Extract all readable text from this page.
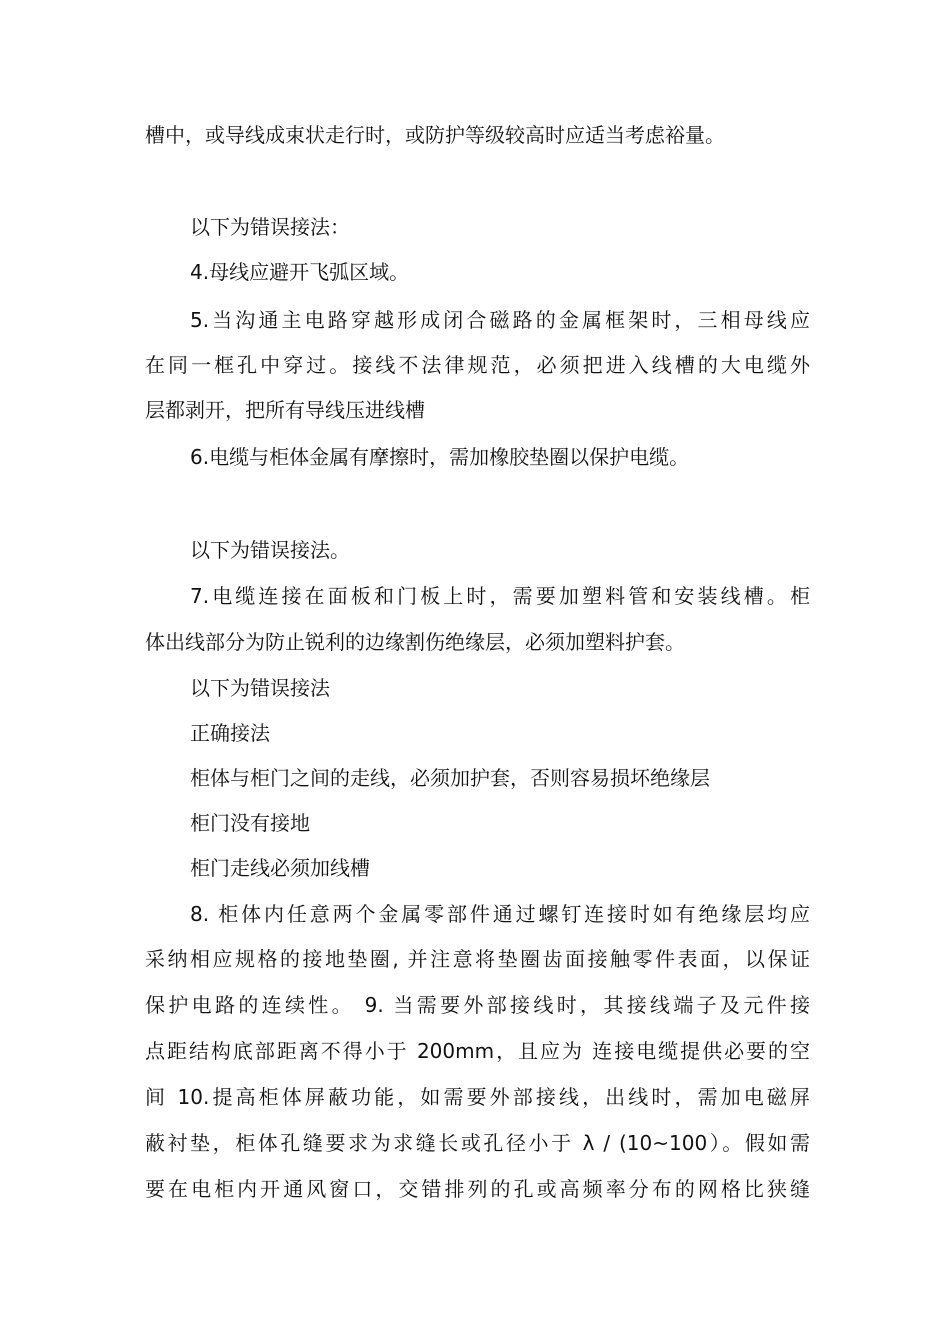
槽中，或导线成束状走行时，或防护等级较高时应适当考虑裕量。
以下为错误接法：
4.母线应避开飞弧区域。
5.当沟通主电路穿越形成闭合磁路的金属框架时，三相母线应
在同一框孔中穿过。接线不法律规范，必须把进入线槽的大电缆外
层都剥开，把所有导线压进线槽
6.电缆与柜体金属有摩擦时，需加橡胶垫圈以保护电缆。
以下为错误接法。
7.电缆连接在面板和门板上时，需要加塑料管和安装线槽。柜
体出线部分为防止锐利的边缘割伤绝缘层，必须加塑料护套。
以下为错误接法
正确接法
柜体与柜门之间的走线，必须加护套，否则容易损坏绝缘层
柜门没有接地
柜门走线必须加线槽
8. 柜体内任意两个金属零部件通过螺钉连接时如有绝缘层均应
采纳相应规格的接地垫圈, 并注意将垫圈齿面接触零件表面，以保证
保护电路的连续性。 9. 当需要外部接线时，其接线端子及元件接
点距结构底部距离不得小于 200mm，且应为 连接电缆提供必要的空
间 10.提高柜体屏蔽功能，如需要外部接线，出线时，需加电磁屏
蔽衬垫，柜体孔缝要求为求缝长或孔径小于 λ / (10~100）。假如需
要在电柜内开通风窗口，交错排列的孔或高频率分布的网格比狭缝
